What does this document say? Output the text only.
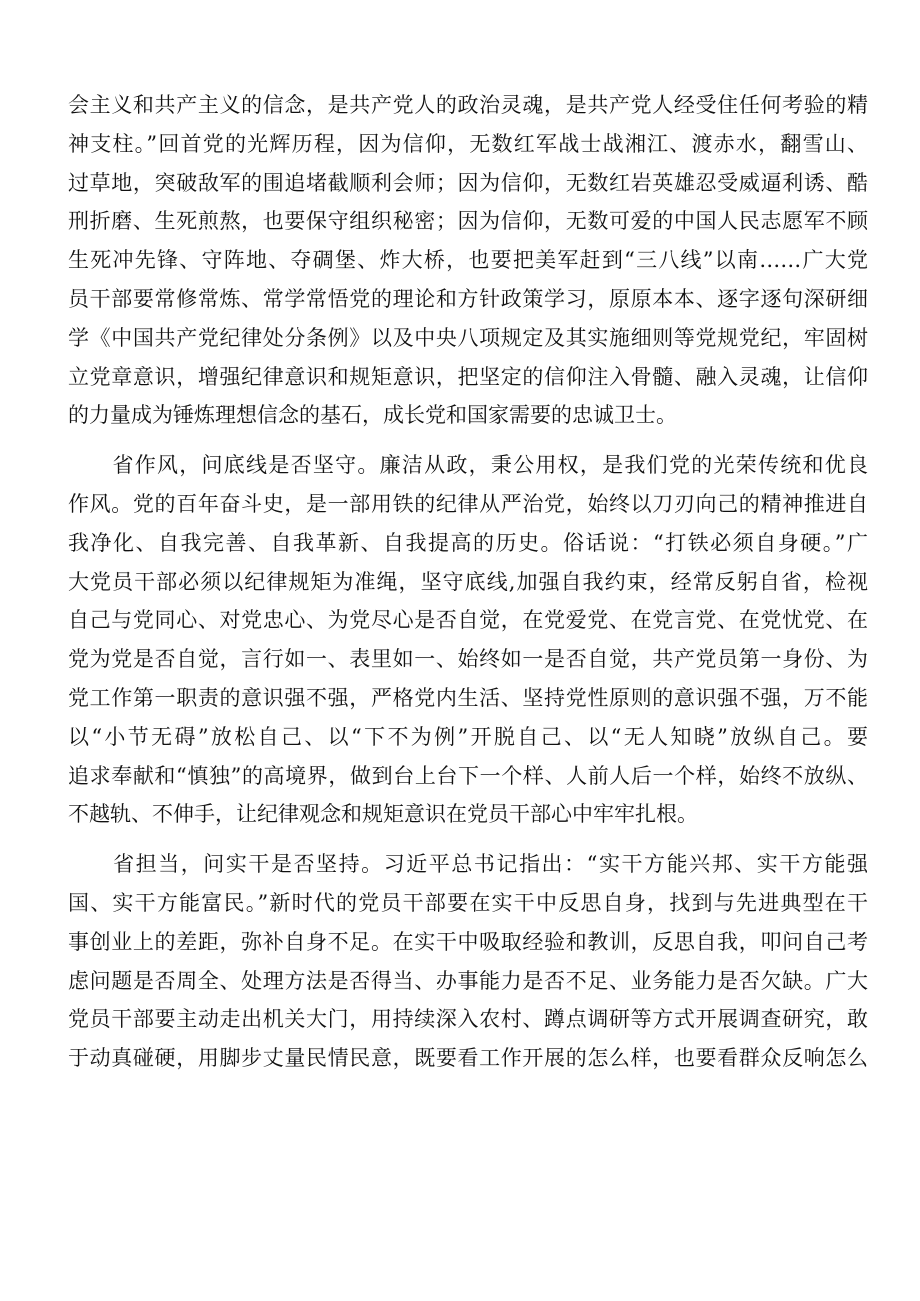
会主义和共产主义的信念，是共产党人的政治灵魂，是共产党人经受住任何考验的精
神支柱。”回首党的光辉历程，因为信仰，无数红军战士战湘江、渡赤水，翻雪山、
过草地，突破敌军的围追堵截顺利会师；因为信仰，无数红岩英雄忍受威逼利诱、酷
刑折磨、生死煎熬，也要保守组织秘密；因为信仰，无数可爱的中国人民志愿军不顾
生死冲先锋、守阵地、夺碉堡、炸大桥，也要把美军赶到“三八线”以南……广大党
员干部要常修常炼、常学常悟党的理论和方针政策学习，原原本本、逐字逐句深研细
学《中国共产党纪律处分条例》以及中央八项规定及其实施细则等党规党纪，牢固树
立党章意识，增强纪律意识和规矩意识，把坚定的信仰注入骨髓、融入灵魂，让信仰
的力量成为锤炼理想信念的基石，成长党和国家需要的忠诚卫士。
　　省作风，问底线是否坚守。廉洁从政，秉公用权，是我们党的光荣传统和优良
作风。党的百年奋斗史，是一部用铁的纪律从严治党，始终以刀刃向己的精神推进自
我净化、自我完善、自我革新、自我提高的历史。俗话说：“打铁必须自身硬。”广
大党员干部必须以纪律规矩为准绳，坚守底线,加强自我约束，经常反躬自省，检视
自己与党同心、对党忠心、为党尽心是否自觉，在党爱党、在党言党、在党忧党、在
党为党是否自觉，言行如一、表里如一、始终如一是否自觉，共产党员第一身份、为
党工作第一职责的意识强不强，严格党内生活、坚持党性原则的意识强不强，万不能
以“小节无碍”放松自己、以“下不为例”开脱自己、以“无人知晓”放纵自己。要
追求奉献和“慎独”的高境界，做到台上台下一个样、人前人后一个样，始终不放纵、
不越轨、不伸手，让纪律观念和规矩意识在党员干部心中牢牢扎根。
　　省担当，问实干是否坚持。习近平总书记指出：“实干方能兴邦、实干方能强
国、实干方能富民。”新时代的党员干部要在实干中反思自身，找到与先进典型在干
事创业上的差距，弥补自身不足。在实干中吸取经验和教训，反思自我，叩问自己考
虑问题是否周全、处理方法是否得当、办事能力是否不足、业务能力是否欠缺。广大
党员干部要主动走出机关大门，用持续深入农村、蹲点调研等方式开展调查研究，敢
于动真碰硬，用脚步丈量民情民意，既要看工作开展的怎么样，也要看群众反响怎么
